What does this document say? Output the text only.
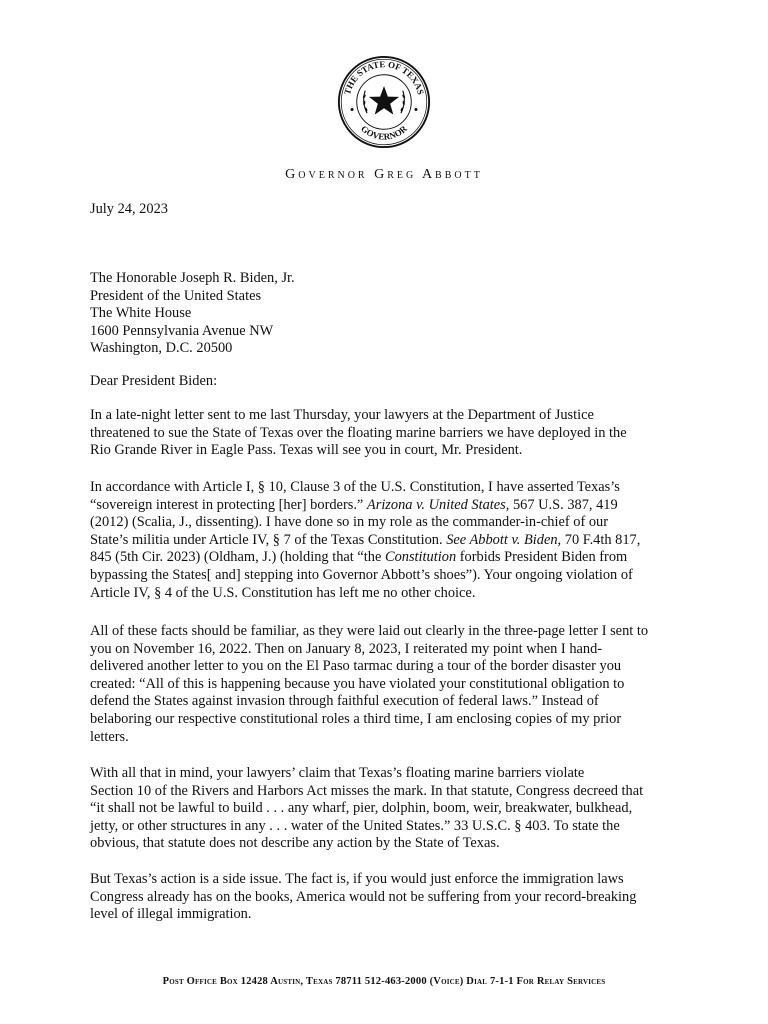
THE STATE OF TEXAS
GOVERNOR
Governor Greg Abbott
July 24, 2023
The Honorable Joseph R. Biden, Jr.
President of the United States
The White House
1600 Pennsylvania Avenue NW
Washington, D.C. 20500
Dear President Biden:
In a late-night letter sent to me last Thursday, your lawyers at the Department of Justice
threatened to sue the State of Texas over the floating marine barriers we have deployed in the
Rio Grande River in Eagle Pass. Texas will see you in court, Mr. President.
In accordance with Article I, § 10, Clause 3 of the U.S. Constitution, I have asserted Texas’s
“sovereign interest in protecting [her] borders.” Arizona v. United States, 567 U.S. 387, 419
(2012) (Scalia, J., dissenting). I have done so in my role as the commander-in-chief of our
State’s militia under Article IV, § 7 of the Texas Constitution. See Abbott v. Biden, 70 F.4th 817,
845 (5th Cir. 2023) (Oldham, J.) (holding that “the Constitution forbids President Biden from
bypassing the States[ and] stepping into Governor Abbott’s shoes”). Your ongoing violation of
Article IV, § 4 of the U.S. Constitution has left me no other choice.
All of these facts should be familiar, as they were laid out clearly in the three-page letter I sent to
you on November 16, 2022. Then on January 8, 2023, I reiterated my point when I hand-
delivered another letter to you on the El Paso tarmac during a tour of the border disaster you
created: “All of this is happening because you have violated your constitutional obligation to
defend the States against invasion through faithful execution of federal laws.” Instead of
belaboring our respective constitutional roles a third time, I am enclosing copies of my prior
letters.
With all that in mind, your lawyers’ claim that Texas’s floating marine barriers violate
Section 10 of the Rivers and Harbors Act misses the mark. In that statute, Congress decreed that
“it shall not be lawful to build . . . any wharf, pier, dolphin, boom, weir, breakwater, bulkhead,
jetty, or other structures in any . . . water of the United States.” 33 U.S.C. § 403. To state the
obvious, that statute does not describe any action by the State of Texas.
But Texas’s action is a side issue. The fact is, if you would just enforce the immigration laws
Congress already has on the books, America would not be suffering from your record-breaking
level of illegal immigration.
Post Office Box 12428 Austin, Texas 78711 512-463-2000 (Voice) Dial 7-1-1 For Relay Services
